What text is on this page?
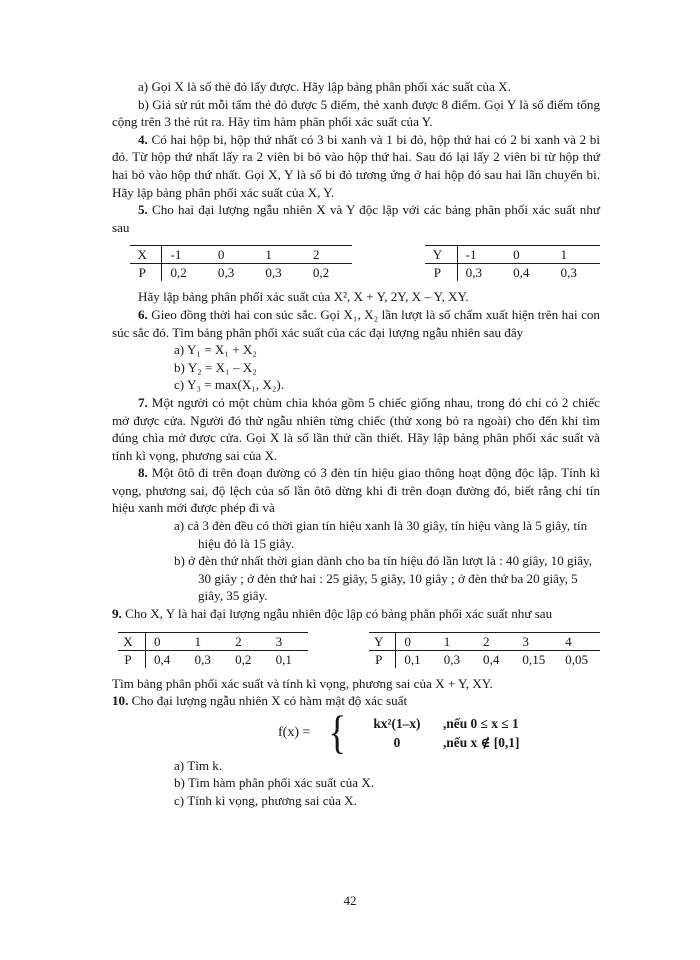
a) Gọi X là số thẻ đỏ lấy được. Hãy lập bảng phân phối xác suất của X.

b) Giả sử rút mỗi tấm thẻ đỏ được 5 điểm, thẻ xanh được 8 điểm. Gọi Y là số điểm tổng cộng trên 3 thẻ rút ra. Hãy tìm hàm phân phối xác suất của Y.

4. Có hai hộp bi, hộp thứ nhất có 3 bi xanh và 1 bi đỏ, hộp thứ hai có 2 bi xanh và 2 bi đỏ. Từ hộp thứ nhất lấy ra 2 viên bi bỏ vào hộp thứ hai. Sau đó lại lấy 2 viên bi từ hộp thứ hai bỏ vào hộp thứ nhất. Gọi X, Y là số bi đỏ tương ứng ở hai hộp đó sau hai lần chuyển bi. Hãy lập bảng phân phối xác suất của X, Y.

5. Cho hai đại lượng ngẫu nhiên X và Y độc lập với các bảng phân phối xác suất như sau

X	-1	0	1	2
P	0,2	0,3	0,3	0,2
Y	-1	0	1
P	0,3	0,4	0,3

Hãy lập bảng phân phối xác suất của X², X + Y, 2Y, X – Y, XY.

6. Gieo đồng thời hai con súc sắc. Gọi X₁, X₂ lần lượt là số chấm xuất hiện trên hai con súc sắc đó. Tìm bảng phân phối xác suất của các đại lượng ngẫu nhiên sau đây

a) Y₁ = X₁ + X₂

b) Y₂ = X₁ – X₂

c) Y₃ = max(X₁, X₂).

7. Một người có một chùm chìa khóa gồm 5 chiếc giống nhau, trong đó chỉ có 2 chiếc mở được cửa. Người đó thử ngẫu nhiên từng chiếc (thử xong bỏ ra ngoài) cho đến khi tìm đúng chìa mở được cửa. Gọi X là số lần thử cần thiết. Hãy lập bảng phân phối xác suất và tính kì vọng, phương sai của X.

8. Một ôtô đi trên đoạn đường có 3 đèn tín hiệu giao thông hoạt động độc lập. Tính kì vọng, phương sai, độ lệch của số lần ôtô dừng khi đi trên đoạn đường đó, biết rằng chỉ tín hiệu xanh mới được phép đi và

a) cả 3 đèn đều có thời gian tín hiệu xanh là 30 giây, tín hiệu vàng là 5 giây, tín

hiệu đỏ là 15 giây.

b) ở đèn thứ nhất thời gian dành cho ba tín hiệu đó lần lượt là : 40 giây, 10 giây,

30 giây ; ở đèn thứ hai : 25 giây, 5 giây, 10 giây ; ở đèn thứ ba 20 giây, 5

giây, 35 giây.

9. Cho X, Y là hai đại lượng ngẫu nhiên độc lập có bảng phân phối xác suất như sau

X	0	1	2	3
P	0,4	0,3	0,2	0,1
Y	0	1	2	3	4
P	0,1	0,3	0,4	0,15	0,05

Tìm bảng phân phối xác suất và tính kì vọng, phương sai của X + Y, XY.

10. Cho đại lượng ngẫu nhiên X có hàm mật độ xác suất

f(x) = {	kx²(1–x)	,nếu 0 ≤ x ≤ 1
0	,nếu x ∉ [0,1]

a) Tìm k.

b) Tìm hàm phân phối xác suất của X.

c) Tính kì vọng, phương sai của X.

42
